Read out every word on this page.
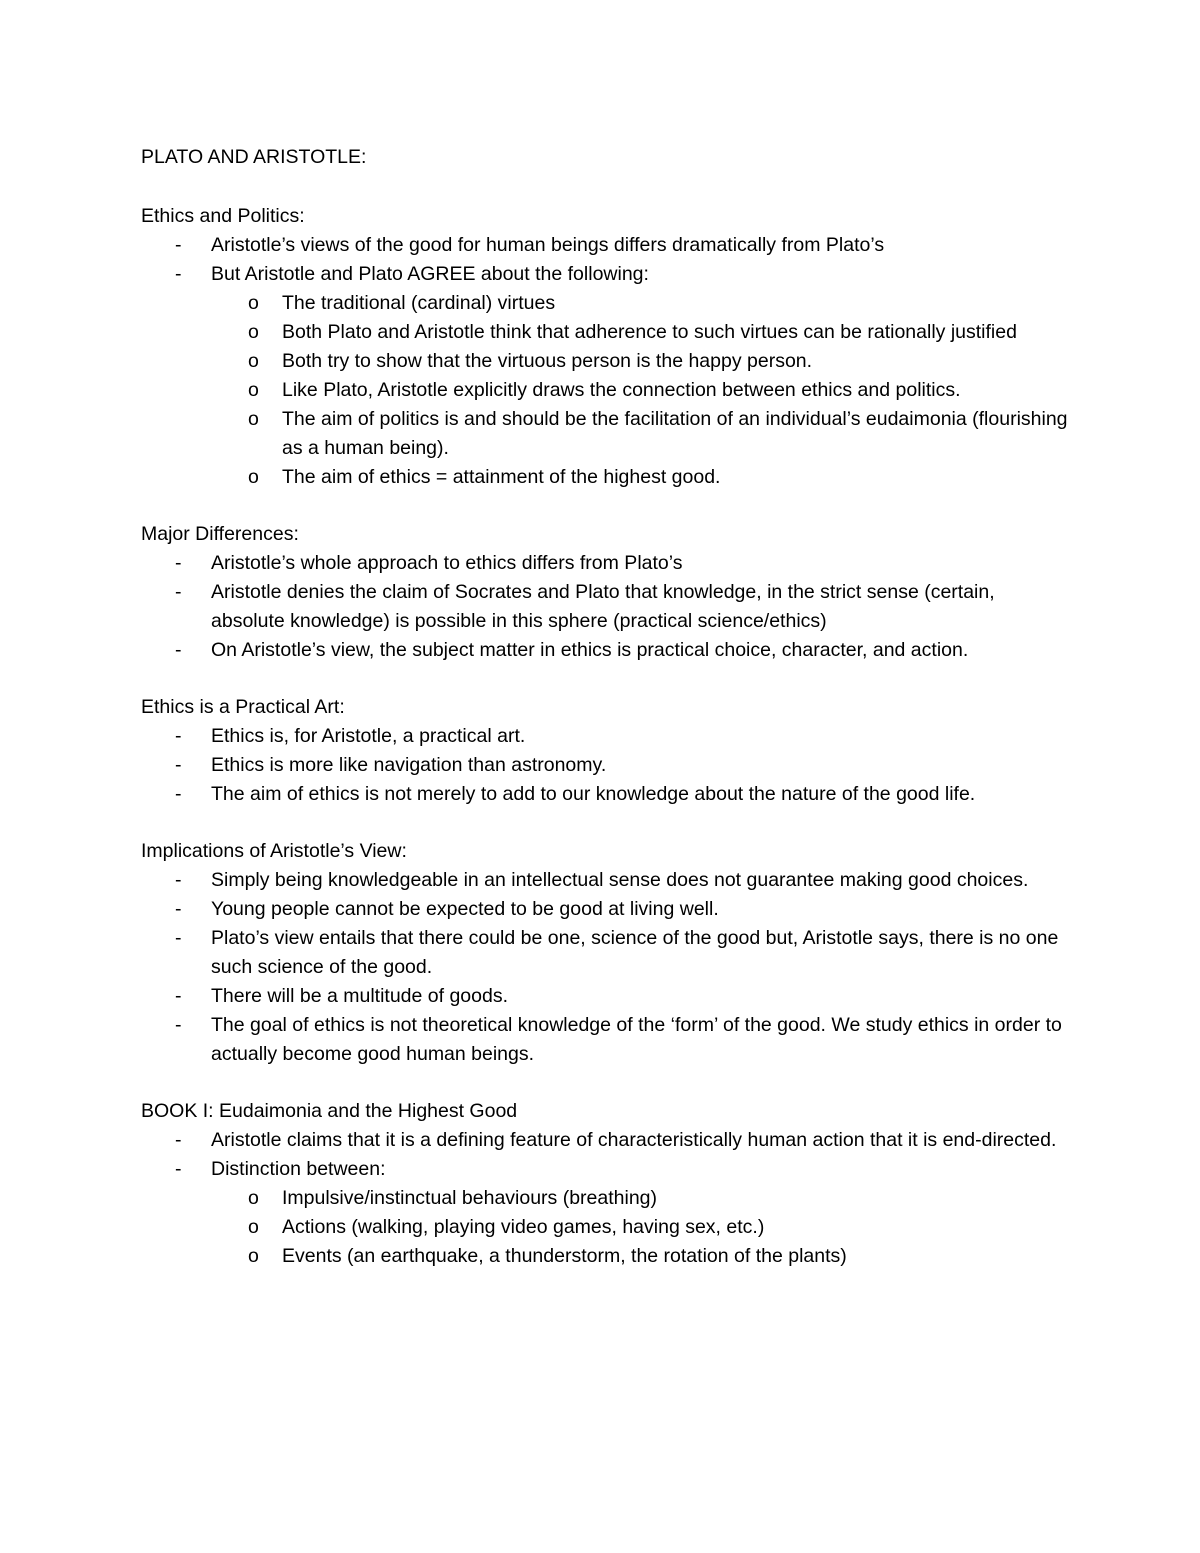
PLATO AND ARISTOTLE:

Ethics and Politics:

- Aristotle’s views of the good for human beings differs dramatically from Plato’s
- But Aristotle and Plato AGREE about the following:
o The traditional (cardinal) virtues
o Both Plato and Aristotle think that adherence to such virtues can be rationally justified
o Both try to show that the virtuous person is the happy person.
o Like Plato, Aristotle explicitly draws the connection between ethics and politics.
o The aim of politics is and should be the facilitation of an individual’s eudaimonia (flourishing as a human being).
o The aim of ethics = attainment of the highest good.

Major Differences:

- Aristotle’s whole approach to ethics differs from Plato’s
- Aristotle denies the claim of Socrates and Plato that knowledge, in the strict sense (certain, absolute knowledge) is possible in this sphere (practical science/ethics)
- On Aristotle’s view, the subject matter in ethics is practical choice, character, and action.

Ethics is a Practical Art:

- Ethics is, for Aristotle, a practical art.
- Ethics is more like navigation than astronomy.
- The aim of ethics is not merely to add to our knowledge about the nature of the good life.

Implications of Aristotle’s View:

- Simply being knowledgeable in an intellectual sense does not guarantee making good choices.
- Young people cannot be expected to be good at living well.
- Plato’s view entails that there could be one, science of the good but, Aristotle says, there is no one such science of the good.
- There will be a multitude of goods.
- The goal of ethics is not theoretical knowledge of the ‘form’ of the good. We study ethics in order to actually become good human beings.

BOOK I: Eudaimonia and the Highest Good

- Aristotle claims that it is a defining feature of characteristically human action that it is end-directed.
- Distinction between:
o Impulsive/instinctual behaviours (breathing)
o Actions (walking, playing video games, having sex, etc.)
o Events (an earthquake, a thunderstorm, the rotation of the plants)
